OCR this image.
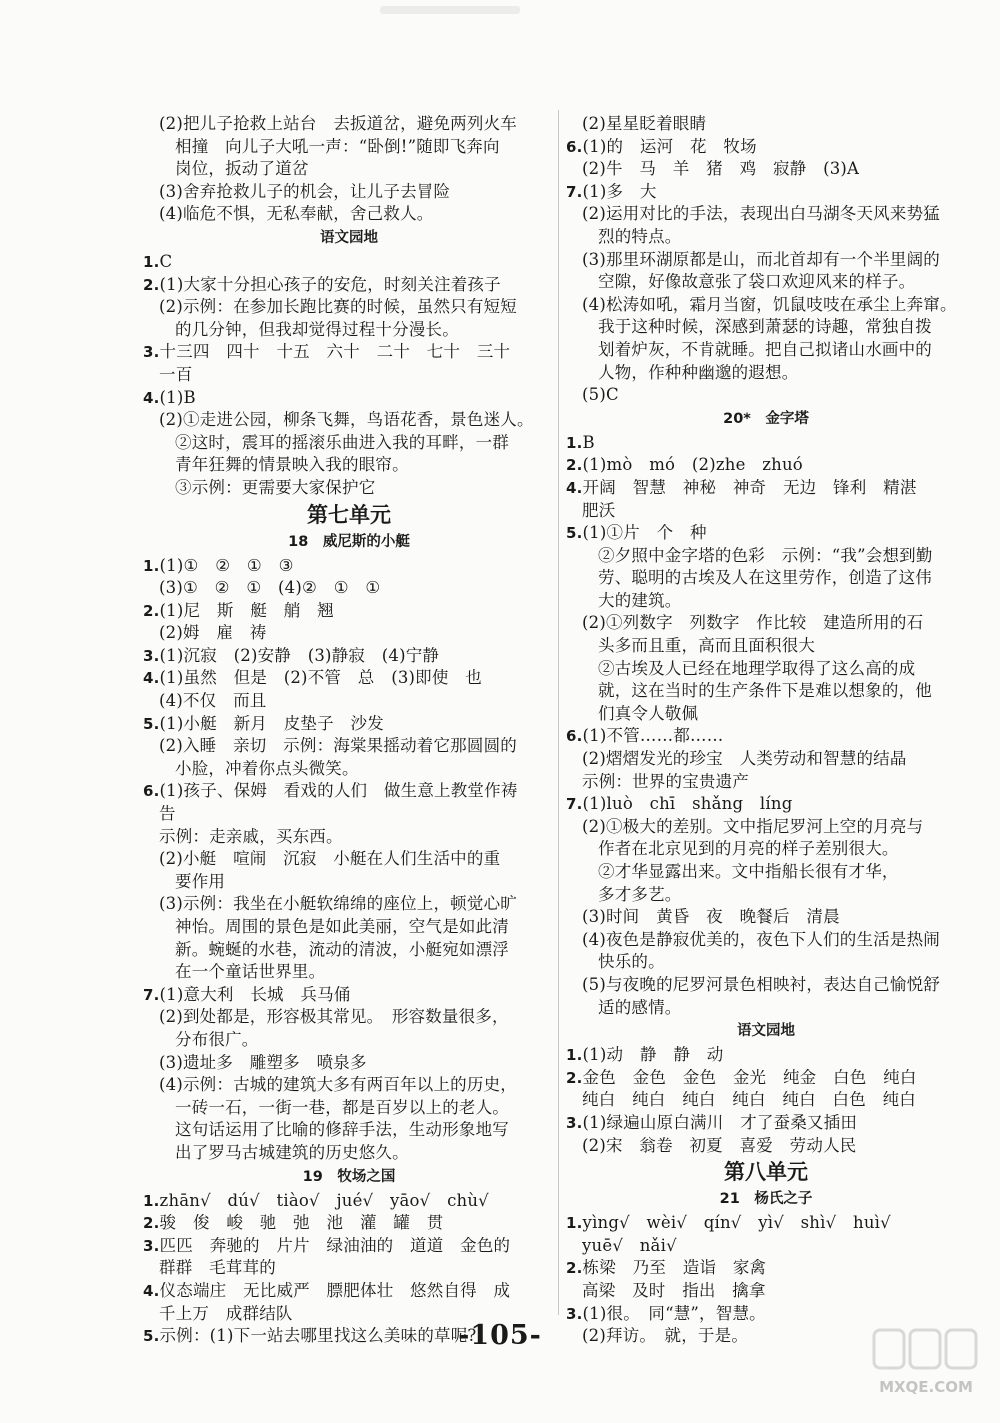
(2)把儿子抢救上站台　去扳道岔，避免两列火车
相撞　向儿子大吼一声：“卧倒!”随即飞奔向
岗位，扳动了道岔
(3)舍弃抢救儿子的机会，让儿子去冒险
(4)临危不惧，无私奉献，舍己救人。
语文园地
1.C
2.(1)大家十分担心孩子的安危，时刻关注着孩子
(2)示例：在参加长跑比赛的时候，虽然只有短短
的几分钟，但我却觉得过程十分漫长。
3.十三四　四十　十五　六十　二十　七十　三十
一百
4.(1)B
(2)①走进公园，柳条飞舞，鸟语花香，景色迷人。
②这时，震耳的摇滚乐曲进入我的耳畔，一群
青年狂舞的情景映入我的眼帘。
③示例：更需要大家保护它
第七单元
18　威尼斯的小艇
1.(1)①　②　①　③
(3)①　②　①　(4)②　①　①
2.(1)尼　斯　艇　艄　翘
(2)姆　雇　祷
3.(1)沉寂　(2)安静　(3)静寂　(4)宁静
4.(1)虽然　但是　(2)不管　总　(3)即使　也
(4)不仅　而且
5.(1)小艇　新月　皮垫子　沙发
(2)入睡　亲切　示例：海棠果摇动着它那圆圆的
小脸，冲着你点头微笑。
6.(1)孩子、保姆　看戏的人们　做生意上教堂作祷
告
示例：走亲戚，买东西。
(2)小艇　喧闹　沉寂　小艇在人们生活中的重
要作用
(3)示例：我坐在小艇软绵绵的座位上，顿觉心旷
神怡。周围的景色是如此美丽，空气是如此清
新。蜿蜒的水巷，流动的清波，小艇宛如漂浮
在一个童话世界里。
7.(1)意大利　长城　兵马俑
(2)到处都是，形容极其常见。　形容数量很多，
分布很广。
(3)遗址多　雕塑多　喷泉多
(4)示例：古城的建筑大多有两百年以上的历史，
一砖一石，一街一巷，都是百岁以上的老人。
这句话运用了比喻的修辞手法，生动形象地写
出了罗马古城建筑的历史悠久。
19　牧场之国
1.zhān√　dú√　tiào√　jué√　yāo√　chù√
2.骏　俊　峻　驰　弛　池　灌　罐　贯
3.匹匹　奔驰的　片片　绿油油的　道道　金色的
群群　毛茸茸的
4.仪态端庄　无比威严　膘肥体壮　悠然自得　成
千上万　成群结队
5.示例：(1)下一站去哪里找这么美味的草呢?
(2)星星眨着眼睛
6.(1)的　运河　花　牧场
(2)牛　马　羊　猪　鸡　寂静　(3)A
7.(1)多　大
(2)运用对比的手法，表现出白马湖冬天风来势猛
烈的特点。
(3)那里环湖原都是山，而北首却有一个半里阔的
空隙，好像故意张了袋口欢迎风来的样子。
(4)松涛如吼，霜月当窗，饥鼠吱吱在承尘上奔窜。
我于这种时候，深感到萧瑟的诗趣，常独自拨
划着炉灰，不肯就睡。把自己拟诸山水画中的
人物，作种种幽邈的遐想。
(5)C
20*　金字塔
1.B
2.(1)mò　mó　(2)zhe　zhuó
4.开阔　智慧　神秘　神奇　无边　锋利　精湛
肥沃
5.(1)①片　个　种
②夕照中金字塔的色彩　示例：“我”会想到勤
劳、聪明的古埃及人在这里劳作，创造了这伟
大的建筑。
(2)①列数字　列数字　作比较　建造所用的石
头多而且重，高而且面积很大
②古埃及人已经在地理学取得了这么高的成
就，这在当时的生产条件下是难以想象的，他
们真令人敬佩
6.(1)不管……都……
(2)熠熠发光的珍宝　人类劳动和智慧的结晶
示例：世界的宝贵遗产
7.(1)luò　chī　shǎng　líng
(2)①极大的差别。文中指尼罗河上空的月亮与
作者在北京见到的月亮的样子差别很大。
②才华显露出来。文中指船长很有才华，
多才多艺。
(3)时间　黄昏　夜　晚餐后　清晨
(4)夜色是静寂优美的，夜色下人们的生活是热闹
快乐的。
(5)与夜晚的尼罗河景色相映衬，表达自己愉悦舒
适的感情。
语文园地
1.(1)动　静　静　动
2.金色　金色　金色　金光　纯金　白色　纯白
纯白　纯白　纯白　纯白　纯白　白色　纯白
3.(1)绿遍山原白满川　才了蚕桑又插田
(2)宋　翁卷　初夏　喜爱　劳动人民
第八单元
21　杨氏之子
1.yìng√　wèi√　qín√　yì√　shì√　huì√
yuē√　nǎi√
2.栋梁　乃至　造诣　家禽
高梁　及时　指出　擒拿
3.(1)很。　同“慧”，智慧。
(2)拜访。　就，于是。
-105-
MXQE.COM
